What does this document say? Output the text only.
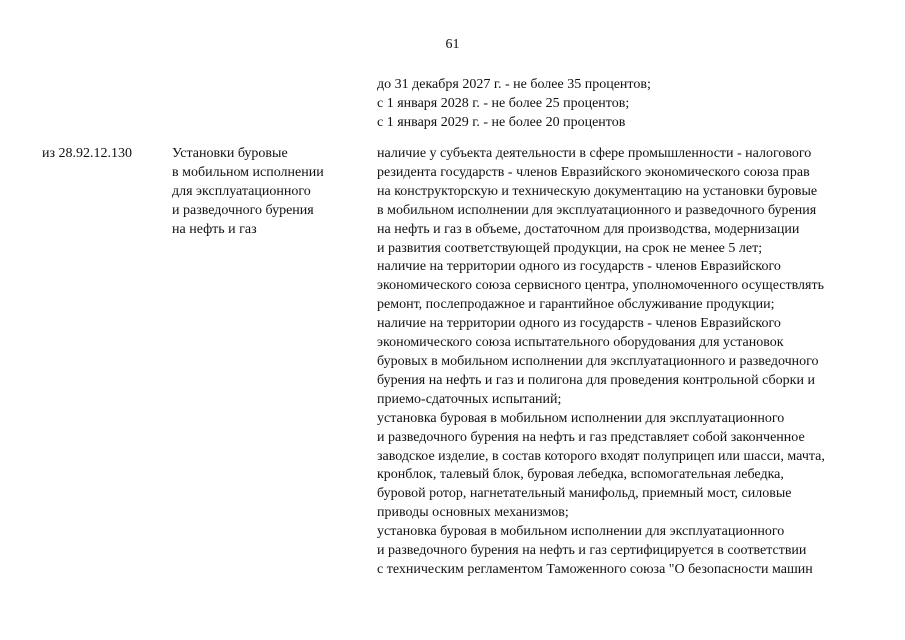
61
до 31 декабря 2027 г. - не более 35 процентов;
с 1 января 2028 г. - не более 25 процентов;
с 1 января 2029 г. - не более 20 процентов
из 28.92.12.130	Установки буровые
в мобильном исполнении
для эксплуатационного
и разведочного бурения
на нефть и газ
наличие у субъекта деятельности в сфере промышленности - налогового
резидента государств - членов Евразийского экономического союза прав
на конструкторскую и техническую документацию на установки буровые
в мобильном исполнении для эксплуатационного и разведочного бурения
на нефть и газ в объеме, достаточном для производства, модернизации
и развития соответствующей продукции, на срок не менее 5 лет;
наличие на территории одного из государств - членов Евразийского
экономического союза сервисного центра, уполномоченного осуществлять
ремонт, послепродажное и гарантийное обслуживание продукции;
наличие на территории одного из государств - членов Евразийского
экономического союза испытательного оборудования для установок
буровых в мобильном исполнении для эксплуатационного и разведочного
бурения на нефть и газ и полигона для проведения контрольной сборки и
приемо-сдаточных испытаний;
установка буровая в мобильном исполнении для эксплуатационного
и разведочного бурения на нефть и газ представляет собой законченное
заводское изделие, в состав которого входят полуприцеп или шасси, мачта,
кронблок, талевый блок, буровая лебедка, вспомогательная лебедка,
буровой ротор, нагнетательный манифольд, приемный мост, силовые
приводы основных механизмов;
установка буровая в мобильном исполнении для эксплуатационного
и разведочного бурения на нефть и газ сертифицируется в соответствии
с техническим регламентом Таможенного союза "О безопасности машин
